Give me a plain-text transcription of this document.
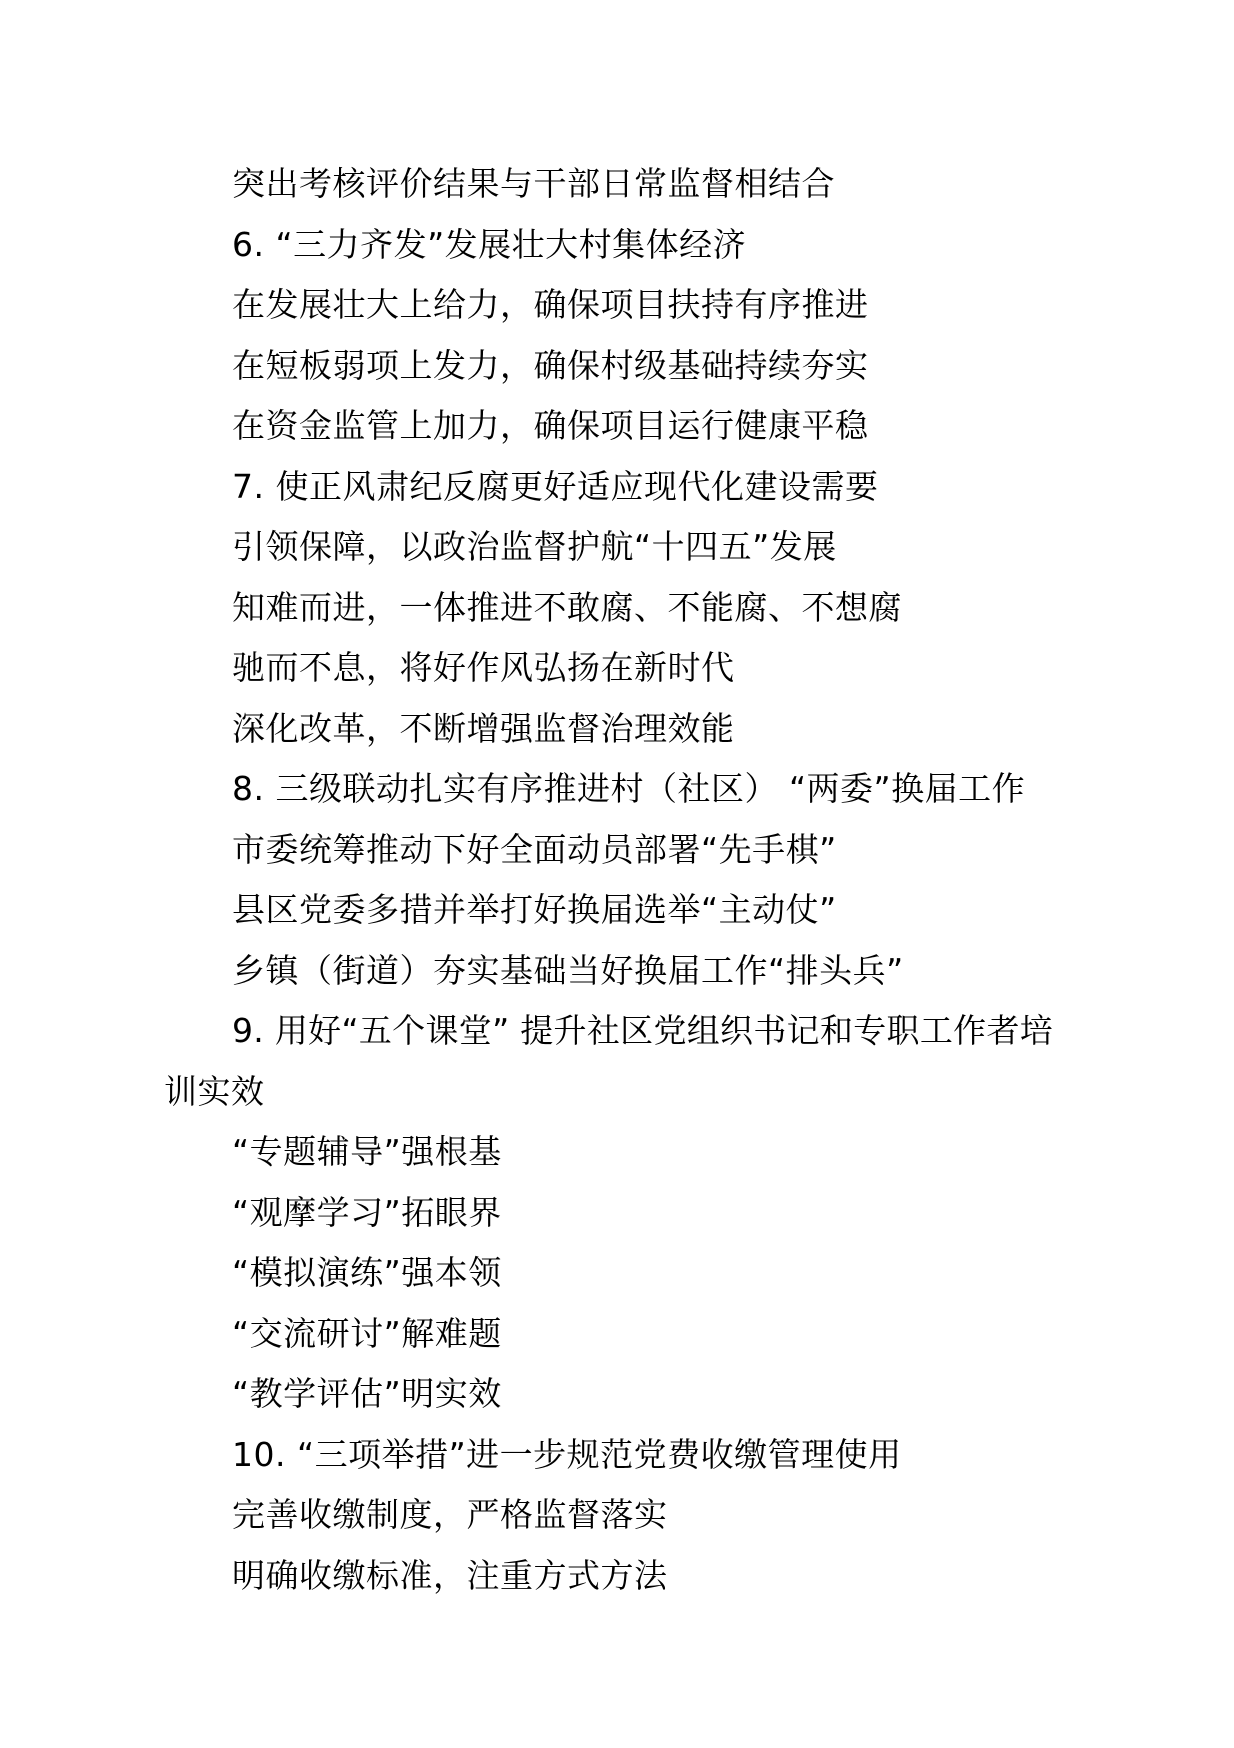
突出考核评价结果与干部日常监督相结合
6. “三力齐发”发展壮大村集体经济
在发展壮大上给力，确保项目扶持有序推进
在短板弱项上发力，确保村级基础持续夯实
在资金监管上加力，确保项目运行健康平稳
7. 使正风肃纪反腐更好适应现代化建设需要
引领保障，以政治监督护航“十四五”发展
知难而进，一体推进不敢腐、不能腐、不想腐
驰而不息，将好作风弘扬在新时代
深化改革，不断增强监督治理效能
8. 三级联动扎实有序推进村（社区） “两委”换届工作
市委统筹推动下好全面动员部署“先手棋”
县区党委多措并举打好换届选举“主动仗”
乡镇（街道）夯实基础当好换届工作“排头兵”
9. 用好“五个课堂” 提升社区党组织书记和专职工作者培
训实效
“专题辅导”强根基
“观摩学习”拓眼界
“模拟演练”强本领
“交流研讨”解难题
“教学评估”明实效
10. “三项举措”进一步规范党费收缴管理使用
完善收缴制度，严格监督落实
明确收缴标准，注重方式方法
